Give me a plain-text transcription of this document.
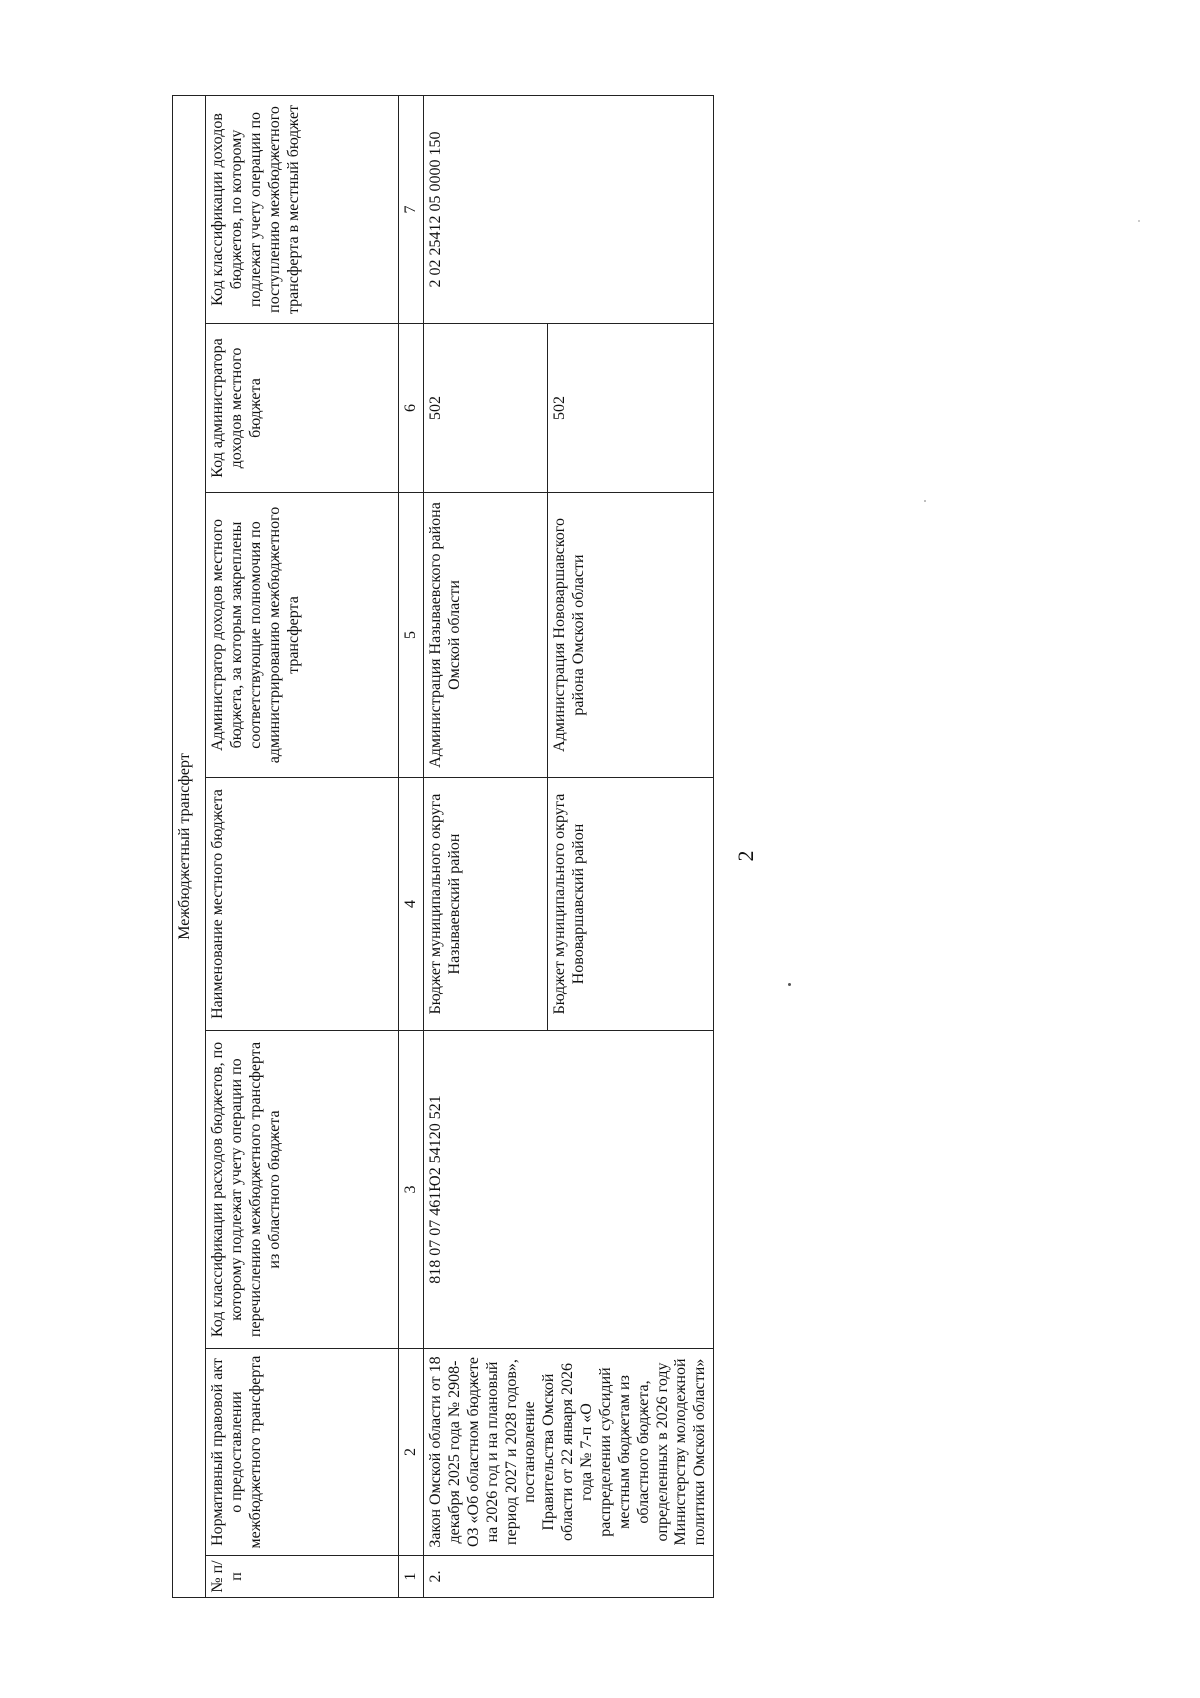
2
Межбюджетный трансферт						
№ п/п	Нормативный правовой акт о предоставлении межбюджетного трансферта	Код классификации расходов бюджетов, по которому подлежат учету операции по перечислению межбюджетного трансферта из областного бюджета	Наименование местного бюджета	Администратор доходов местного бюджета, за которым закреплены соответствующие полномочия по администрированию межбюджетного трансферта	Код администратора доходов местного бюджета	Код классификации доходов бюджетов, по которому подлежат учету операции по поступлению межбюджетного трансферта в местный бюджет
1	2	3	4	5	6	7
2.	Закон Омской области от 18 декабря 2025 года № 2908-ОЗ «Об областном бюджете на 2026 год и на плановый период 2027 и 2028 годов», постановление Правительства Омской области от 22 января 2026 года № 7-п «О распределении субсидий местным бюджетам из областного бюджета, определенных в 2026 году Министерству молодежной политики Омской области»	818 07 07 461Ю2 54120 521	Бюджет муниципального округа Называевский район	Администрация Называевского района Омской области	502	2 02 25412 05 0000 150
			Бюджет муниципального округа Нововаршавский район	Администрация Нововаршавского района Омской области	502	
